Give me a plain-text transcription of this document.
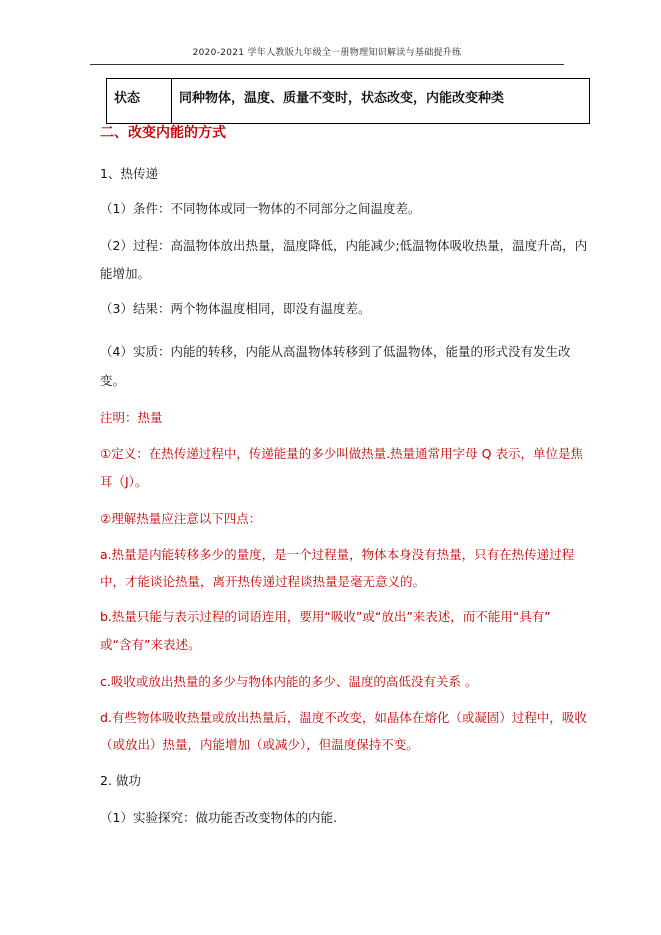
2020-2021 学年人教版九年级全一册物理知识解读与基础提升练
状态	同种物体，温度、质量不变时，状态改变，内能改变种类
二、改变内能的方式
1、热传递
（1）条件：不同物体或同一物体的不同部分之间温度差。
（2）过程：高温物体放出热量，温度降低，内能减少;低温物体吸收热量，温度升高，内
能增加。
（3）结果：两个物体温度相同，即没有温度差。
（4）实质：内能的转移，内能从高温物体转移到了低温物体，能量的形式没有发生改
变。
注明：热量
①定义：在热传递过程中，传递能量的多少叫做热量.热量通常用字母 Q 表示，单位是焦
耳（J）。
②理解热量应注意以下四点：
a.热量是内能转移多少的量度，是一个过程量，物体本身没有热量，只有在热传递过程
中，才能谈论热量，离开热传递过程谈热量是毫无意义的。
b.热量只能与表示过程的词语连用，要用“吸收”或“放出”来表述，而不能用“具有”
或“含有”来表述。
c.吸收或放出热量的多少与物体内能的多少、温度的高低没有关系 。
d.有些物体吸收热量或放出热量后，温度不改变，如晶体在熔化（或凝固）过程中，吸收
（或放出）热量，内能增加（或减少），但温度保持不变。
2. 做功
（1）实验探究：做功能否改变物体的内能.
